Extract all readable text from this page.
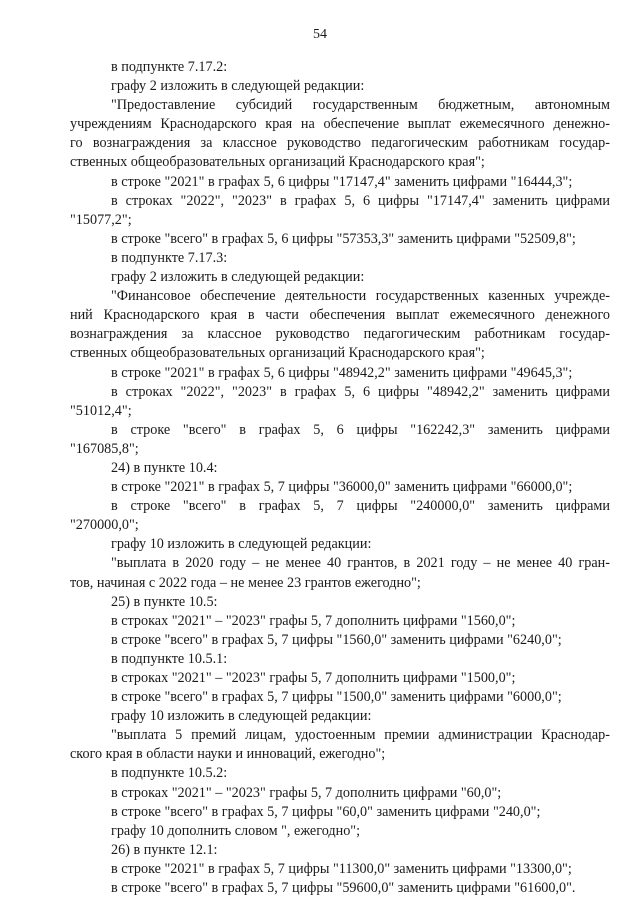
54
в подпункте 7.17.2:
графу 2 изложить в следующей редакции:
"Предоставление субсидий государственным бюджетным, автономным
учреждениям Краснодарского края на обеспечение выплат ежемесячного денежно-
го вознаграждения за классное руководство педагогическим работникам государ-
ственных общеобразовательных организаций Краснодарского края";
в строке "2021" в графах 5, 6 цифры "17147,4" заменить цифрами "16444,3";
в строках "2022", "2023" в графах 5, 6 цифры "17147,4" заменить цифрами
"15077,2";
в строке "всего" в графах 5, 6 цифры "57353,3" заменить цифрами "52509,8";
в подпункте 7.17.3:
графу 2 изложить в следующей редакции:
"Финансовое обеспечение деятельности государственных казенных учрежде-
ний Краснодарского края в части обеспечения выплат ежемесячного денежного
вознаграждения за классное руководство педагогическим работникам государ-
ственных общеобразовательных организаций Краснодарского края";
в строке "2021" в графах 5, 6 цифры "48942,2" заменить цифрами "49645,3";
в строках "2022", "2023" в графах 5, 6 цифры "48942,2" заменить цифрами
"51012,4";
в строке "всего" в графах 5, 6 цифры "162242,3" заменить цифрами
"167085,8";
24) в пункте 10.4:
в строке "2021" в графах 5, 7 цифры "36000,0" заменить цифрами "66000,0";
в строке "всего" в графах 5, 7 цифры "240000,0" заменить цифрами
"270000,0";
графу 10 изложить в следующей редакции:
"выплата в 2020 году – не менее 40 грантов, в 2021 году – не менее 40 гран-
тов, начиная с 2022 года – не менее 23 грантов ежегодно";
25) в пункте 10.5:
в строках "2021" – "2023" графы 5, 7 дополнить цифрами "1560,0";
в строке "всего" в графах 5, 7 цифры "1560,0" заменить цифрами "6240,0";
в подпункте 10.5.1:
в строках "2021" – "2023" графы 5, 7 дополнить цифрами "1500,0";
в строке "всего" в графах 5, 7 цифры "1500,0" заменить цифрами "6000,0";
графу 10 изложить в следующей редакции:
"выплата 5 премий лицам, удостоенным премии администрации Краснодар-
ского края в области науки и инноваций, ежегодно";
в подпункте 10.5.2:
в строках "2021" – "2023" графы 5, 7 дополнить цифрами "60,0";
в строке "всего" в графах 5, 7 цифры "60,0" заменить цифрами "240,0";
графу 10 дополнить словом ", ежегодно";
26) в пункте 12.1:
в строке "2021" в графах 5, 7 цифры "11300,0" заменить цифрами "13300,0";
в строке "всего" в графах 5, 7 цифры "59600,0" заменить цифрами "61600,0".
